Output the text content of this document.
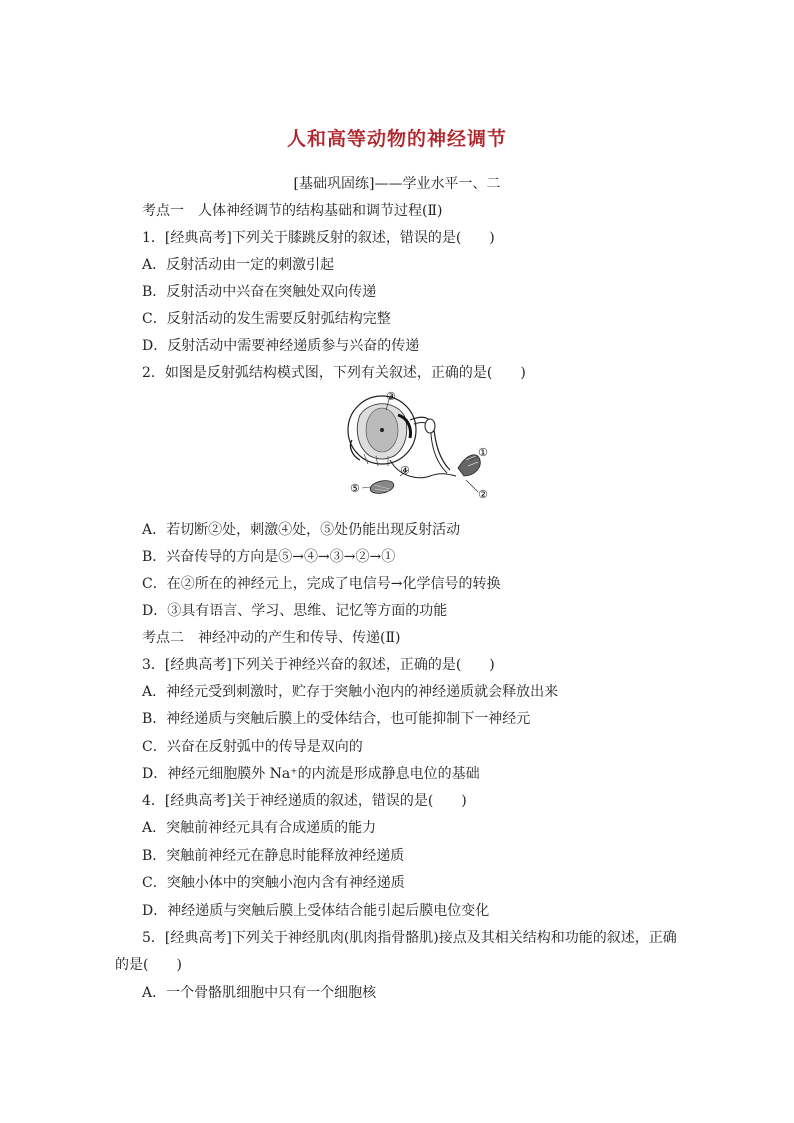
人和高等动物的神经调节
[基础巩固练]——学业水平一、二
考点一　人体神经调节的结构基础和调节过程(Ⅱ)
1．[经典高考]下列关于膝跳反射的叙述，错误的是(　　)
A．反射活动由一定的刺激引起
B．反射活动中兴奋在突触处双向传递
C．反射活动的发生需要反射弧结构完整
D．反射活动中需要神经递质参与兴奋的传递
2．如图是反射弧结构模式图，下列有关叙述，正确的是(　　)
③
④
⑤
①
②
A．若切断②处，刺激④处，⑤处仍能出现反射活动
B．兴奋传导的方向是⑤→④→③→②→①
C．在②所在的神经元上，完成了电信号→化学信号的转换
D．③具有语言、学习、思维、记忆等方面的功能
考点二　神经冲动的产生和传导、传递(Ⅱ)
3．[经典高考]下列关于神经兴奋的叙述，正确的是(　　)
A．神经元受到刺激时，贮存于突触小泡内的神经递质就会释放出来
B．神经递质与突触后膜上的受体结合，也可能抑制下一神经元
C．兴奋在反射弧中的传导是双向的
D．神经元细胞膜外 Na⁺的内流是形成静息电位的基础
4．[经典高考]关于神经递质的叙述，错误的是(　　)
A．突触前神经元具有合成递质的能力
B．突触前神经元在静息时能释放神经递质
C．突触小体中的突触小泡内含有神经递质
D．神经递质与突触后膜上受体结合能引起后膜电位变化
5．[经典高考]下列关于神经肌肉(肌肉指骨骼肌)接点及其相关结构和功能的叙述，正确
的是(　　)
A．一个骨骼肌细胞中只有一个细胞核
